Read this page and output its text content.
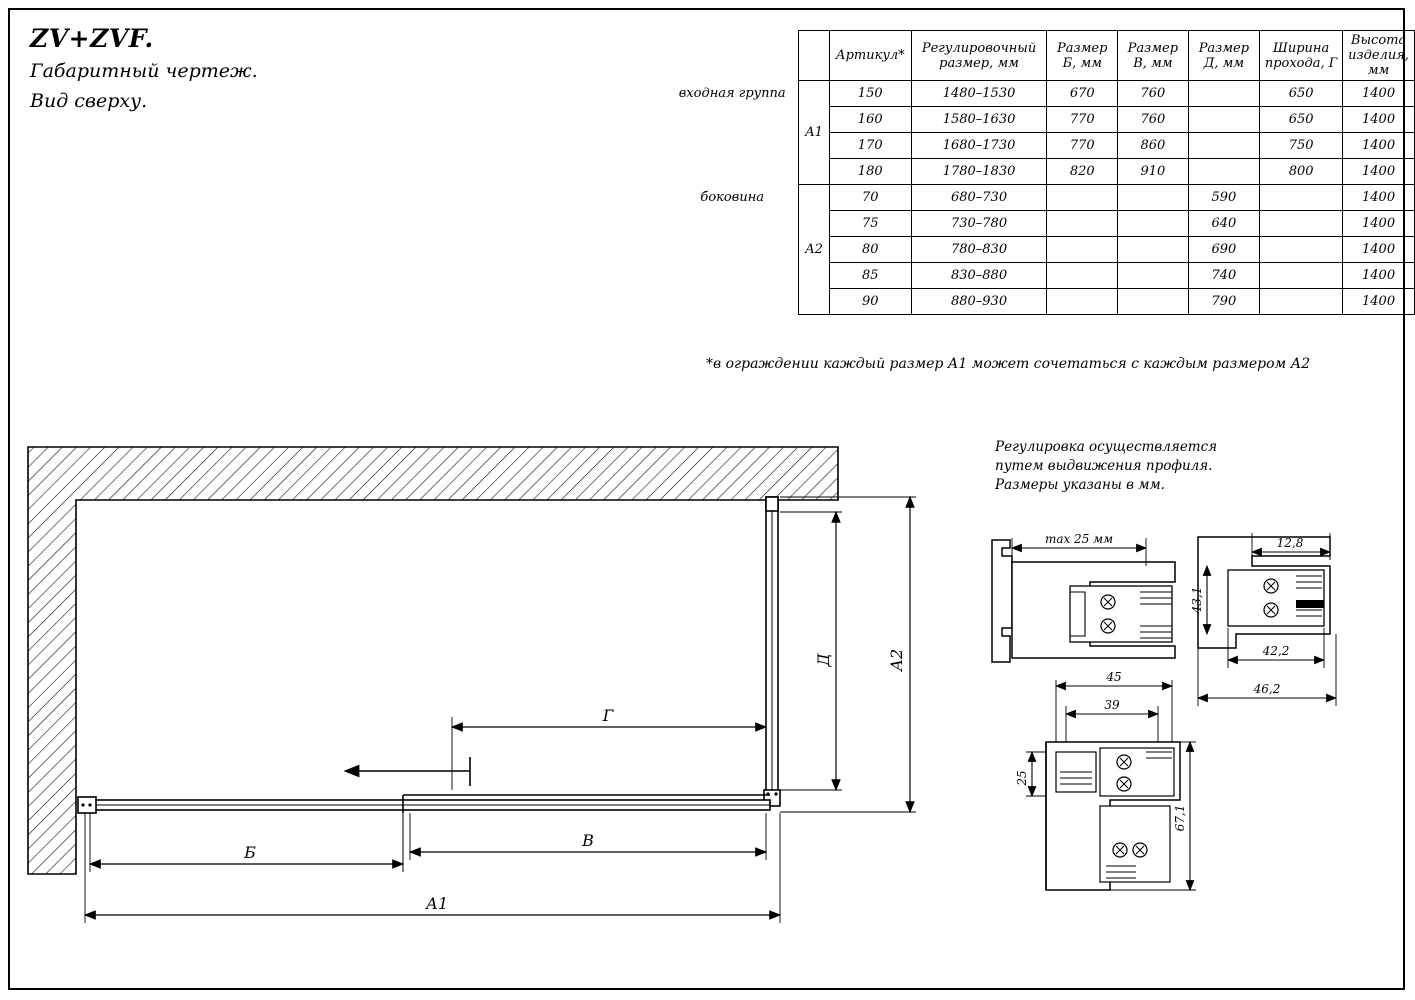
ZV+ZVF.
Габаритный чертеж.
Вид сверху.
		Артикул*	Регулировочный размер, мм	Размер Б, мм	Размер В, мм	Размер Д, мм	Ширина прохода, Г	Высота изделия, мм
входная группа	A1	150	1480–1530	670	760		650	1400
		160	1580–1630	770	760		650	1400
		170	1680–1730	770	860		750	1400
		180	1780–1830	820	910		800	1400
боковина	A2	70	680–730			590		1400
		75	730–780			640		1400
		80	780–830			690		1400
		85	830–880			740		1400
		90	880–930			790		1400
*в ограждении каждый размер А1 может сочетаться с каждым размером А2
Регулировка осуществляется путем выдвижения профиля. Размеры указаны в мм.
Д	А2
Г
Б
В
А1
max 25 мм	12,8
43,1
42,2
46,2
45
39
25
67,1
